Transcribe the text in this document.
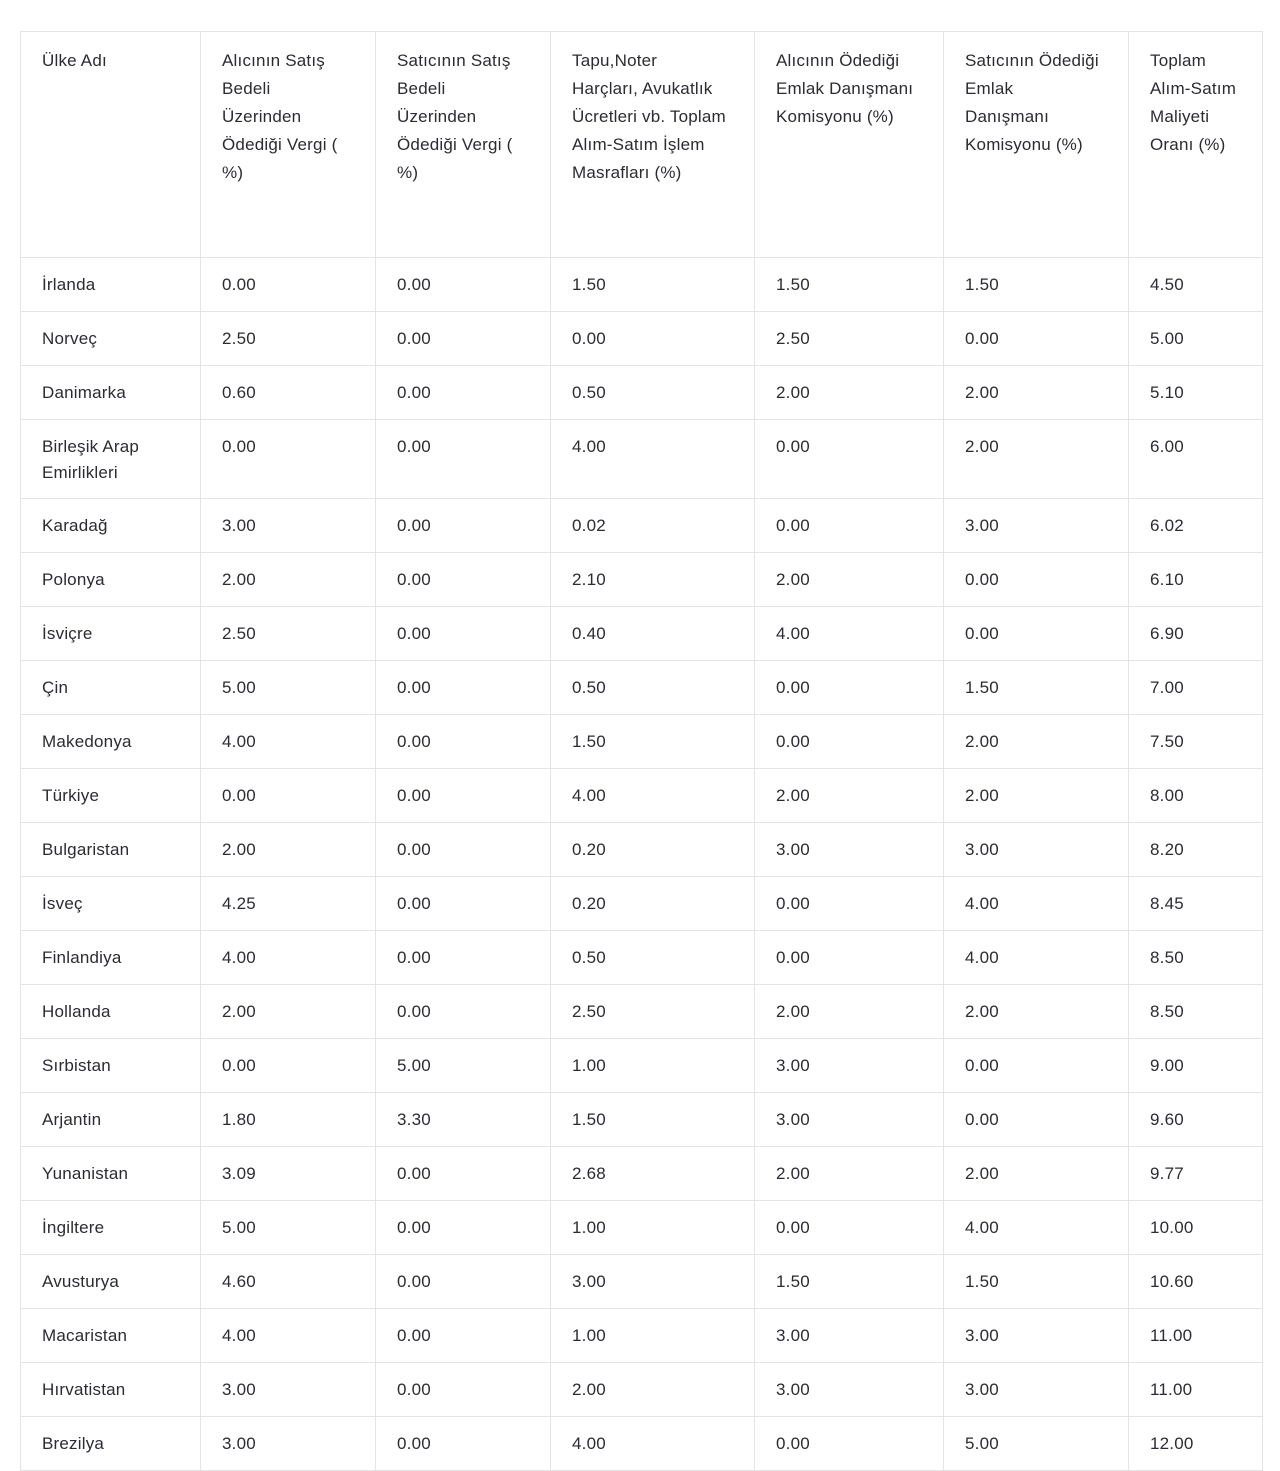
Ülke Adı	Alıcının Satış Bedeli Üzerinden Ödediği Vergi ( %)	Satıcının Satış Bedeli Üzerinden Ödediği Vergi ( %)	Tapu,Noter Harçları, Avukatlık Ücretleri vb. Toplam Alım-Satım İşlem Masrafları (%)	Alıcının Ödediği Emlak Danışmanı Komisyonu (%)	Satıcının Ödediği Emlak Danışmanı Komisyonu (%)	Toplam Alım-Satım Maliyeti Oranı (%)
İrlanda	0.00	0.00	1.50	1.50	1.50	4.50
Norveç	2.50	0.00	0.00	2.50	0.00	5.00
Danimarka	0.60	0.00	0.50	2.00	2.00	5.10
Birleşik Arap Emirlikleri	0.00	0.00	4.00	0.00	2.00	6.00
Karadağ	3.00	0.00	0.02	0.00	3.00	6.02
Polonya	2.00	0.00	2.10	2.00	0.00	6.10
İsviçre	2.50	0.00	0.40	4.00	0.00	6.90
Çin	5.00	0.00	0.50	0.00	1.50	7.00
Makedonya	4.00	0.00	1.50	0.00	2.00	7.50
Türkiye	0.00	0.00	4.00	2.00	2.00	8.00
Bulgaristan	2.00	0.00	0.20	3.00	3.00	8.20
İsveç	4.25	0.00	0.20	0.00	4.00	8.45
Finlandiya	4.00	0.00	0.50	0.00	4.00	8.50
Hollanda	2.00	0.00	2.50	2.00	2.00	8.50
Sırbistan	0.00	5.00	1.00	3.00	0.00	9.00
Arjantin	1.80	3.30	1.50	3.00	0.00	9.60
Yunanistan	3.09	0.00	2.68	2.00	2.00	9.77
İngiltere	5.00	0.00	1.00	0.00	4.00	10.00
Avusturya	4.60	0.00	3.00	1.50	1.50	10.60
Macaristan	4.00	0.00	1.00	3.00	3.00	11.00
Hırvatistan	3.00	0.00	2.00	3.00	3.00	11.00
Brezilya	3.00	0.00	4.00	0.00	5.00	12.00
